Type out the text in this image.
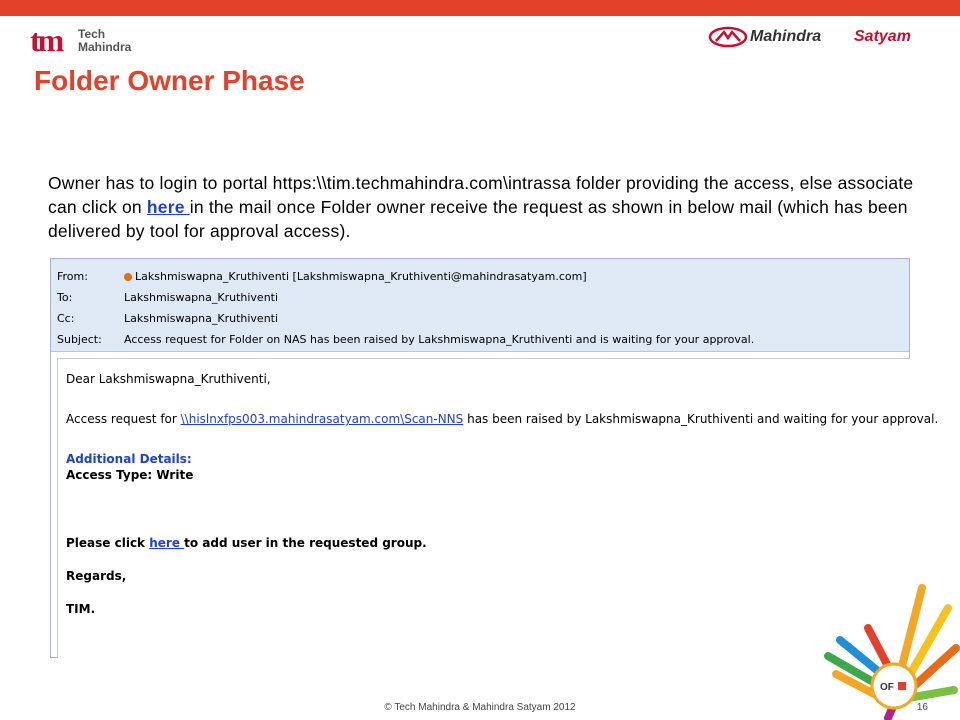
tm Tech
Mahindra
Mahindra Satyam
Folder Owner Phase
Owner has to login to portal https:\\tim.techmahindra.com\intrassa folder providing the access, else associate can click on here in the mail once Folder owner receive the request as shown in below mail (which has been delivered by tool for approval access).
From:	Lakshmiswapna_Kruthiventi [Lakshmiswapna_Kruthiventi@mahindrasatyam.com]
To:	Lakshmiswapna_Kruthiventi
Cc:	Lakshmiswapna_Kruthiventi
Subject:	Access request for Folder on NAS has been raised by Lakshmiswapna_Kruthiventi and is waiting for your approval.
Dear Lakshmiswapna_Kruthiventi,
Access request for \\hislnxfps003.mahindrasatyam.com\Scan-NNS has been raised by Lakshmiswapna_Kruthiventi and waiting for your approval.
Additional Details:
Access Type: Write
Please click here to add user in the requested group.
Regards,
TIM.
OF
© Tech Mahindra & Mahindra Satyam 2012	16
